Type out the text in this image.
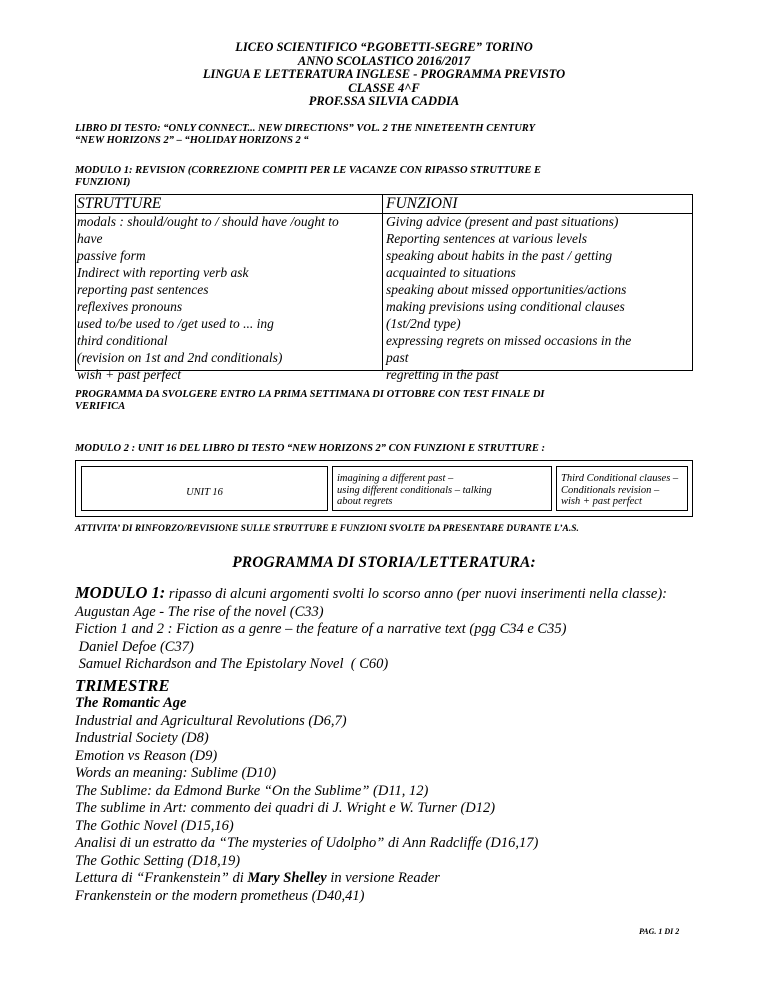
LICEO SCIENTIFICO “P.GOBETTI-SEGRE” TORINO
ANNO SCOLASTICO 2016/2017
LINGUA E LETTERATURA INGLESE - PROGRAMMA PREVISTO
CLASSE 4^F
PROF.SSA SILVIA CADDIA
LIBRO DI TESTO: “ONLY CONNECT... NEW DIRECTIONS” VOL. 2 THE NINETEENTH CENTURY
“NEW HORIZONS 2” – “HOLIDAY HORIZONS 2 “
MODULO 1: REVISION (CORREZIONE COMPITI PER LE VACANZE CON RIPASSO STRUTTURE E
FUNZIONI)
STRUTTURE
modals : should/ought to / should have /ought to
have
passive form
Indirect with reporting verb ask
reporting past sentences
reflexives pronouns
used to/be used to /get used to ... ing
third conditional
(revision on 1st and 2nd conditionals)
wish + past perfect
FUNZIONI
Giving advice (present and past situations)
Reporting sentences at various levels
speaking about habits in the past / getting
acquainted to situations
speaking about missed opportunities/actions
making previsions using conditional clauses
(1st/2nd type)
expressing regrets on missed occasions in the
past
regretting in the past
PROGRAMMA DA SVOLGERE ENTRO LA PRIMA SETTIMANA DI OTTOBRE CON TEST FINALE DI
VERIFICA
MODULO 2 : UNIT 16 DEL LIBRO DI TESTO “NEW HORIZONS 2” CON FUNZIONI E STRUTTURE :
UNIT 16
imagining a different past –
using different conditionals – talking
about regrets
Third Conditional clauses –
Conditionals revision –
wish + past perfect
ATTIVITA’ DI RINFORZO/REVISIONE SULLE STRUTTURE E FUNZIONI SVOLTE DA PRESENTARE DURANTE L’A.S.
PROGRAMMA DI STORIA/LETTERATURA:
MODULO 1: ripasso di alcuni argomenti svolti lo scorso anno (per nuovi inserimenti nella classe):
Augustan Age - The rise of the novel (C33)
Fiction 1 and 2 : Fiction as a genre – the feature of a narrative text (pgg C34 e C35)
Daniel Defoe (C37)
Samuel Richardson and The Epistolary Novel  ( C60)
TRIMESTRE
The Romantic Age
Industrial and Agricultural Revolutions (D6,7)
Industrial Society (D8)
Emotion vs Reason (D9)
Words an meaning: Sublime (D10)
The Sublime: da Edmond Burke “On the Sublime” (D11, 12)
The sublime in Art: commento dei quadri di J. Wright e W. Turner (D12)
The Gothic Novel (D15,16)
Analisi di un estratto da “The mysteries of Udolpho” di Ann Radcliffe (D16,17)
The Gothic Setting (D18,19)
Lettura di “Frankenstein” di Mary Shelley in versione Reader
Frankenstein or the modern prometheus (D40,41)
PAG. 1 DI 2
